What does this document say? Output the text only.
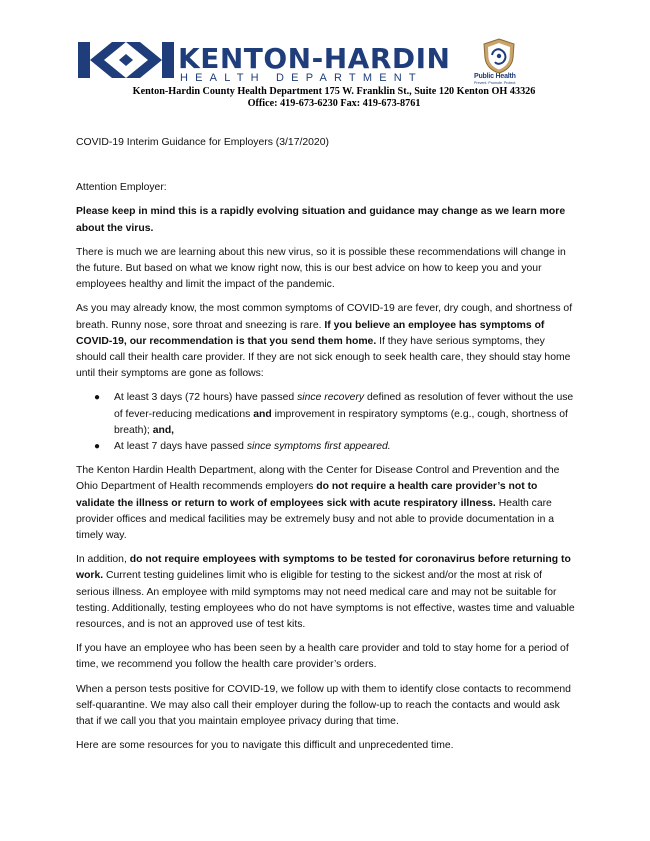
KENTON-HARDIN
HEALTH DEPARTMENT	Public Health
Prevent. Promote. Protect.
Kenton-Hardin County Health Department 175 W. Franklin St., Suite 120 Kenton OH 43326
Office: 419-673-6230 Fax: 419-673-8761

COVID-19 Interim Guidance for Employers (3/17/2020)

Attention Employer:

Please keep in mind this is a rapidly evolving situation and guidance may change as we learn more about the virus.

There is much we are learning about this new virus, so it is possible these recommendations will change in the future. But based on what we know right now, this is our best advice on how to keep you and your employees healthy and limit the impact of the pandemic.

As you may already know, the most common symptoms of COVID-19 are fever, dry cough, and shortness of breath. Runny nose, sore throat and sneezing is rare. If you believe an employee has symptoms of COVID-19, our recommendation is that you send them home. If they have serious symptoms, they should call their health care provider. If they are not sick enough to seek health care, they should stay home until their symptoms are gone as follows:

● At least 3 days (72 hours) have passed since recovery defined as resolution of fever without the use of fever-reducing medications and improvement in respiratory symptoms (e.g., cough, shortness of breath); and,
● At least 7 days have passed since symptoms first appeared.

The Kenton Hardin Health Department, along with the Center for Disease Control and Prevention and the Ohio Department of Health recommends employers do not require a health care provider’s not to validate the illness or return to work of employees sick with acute respiratory illness. Health care provider offices and medical facilities may be extremely busy and not able to provide documentation in a timely way.

In addition, do not require employees with symptoms to be tested for coronavirus before returning to work. Current testing guidelines limit who is eligible for testing to the sickest and/or the most at risk of serious illness. An employee with mild symptoms may not need medical care and may not be suitable for testing. Additionally, testing employees who do not have symptoms is not effective, wastes time and valuable resources, and is not an approved use of test kits.

If you have an employee who has been seen by a health care provider and told to stay home for a period of time, we recommend you follow the health care provider’s orders.

When a person tests positive for COVID-19, we follow up with them to identify close contacts to recommend self-quarantine. We may also call their employer during the follow-up to reach the contacts and would ask that if we call you that you maintain employee privacy during that time.

Here are some resources for you to navigate this difficult and unprecedented time.
